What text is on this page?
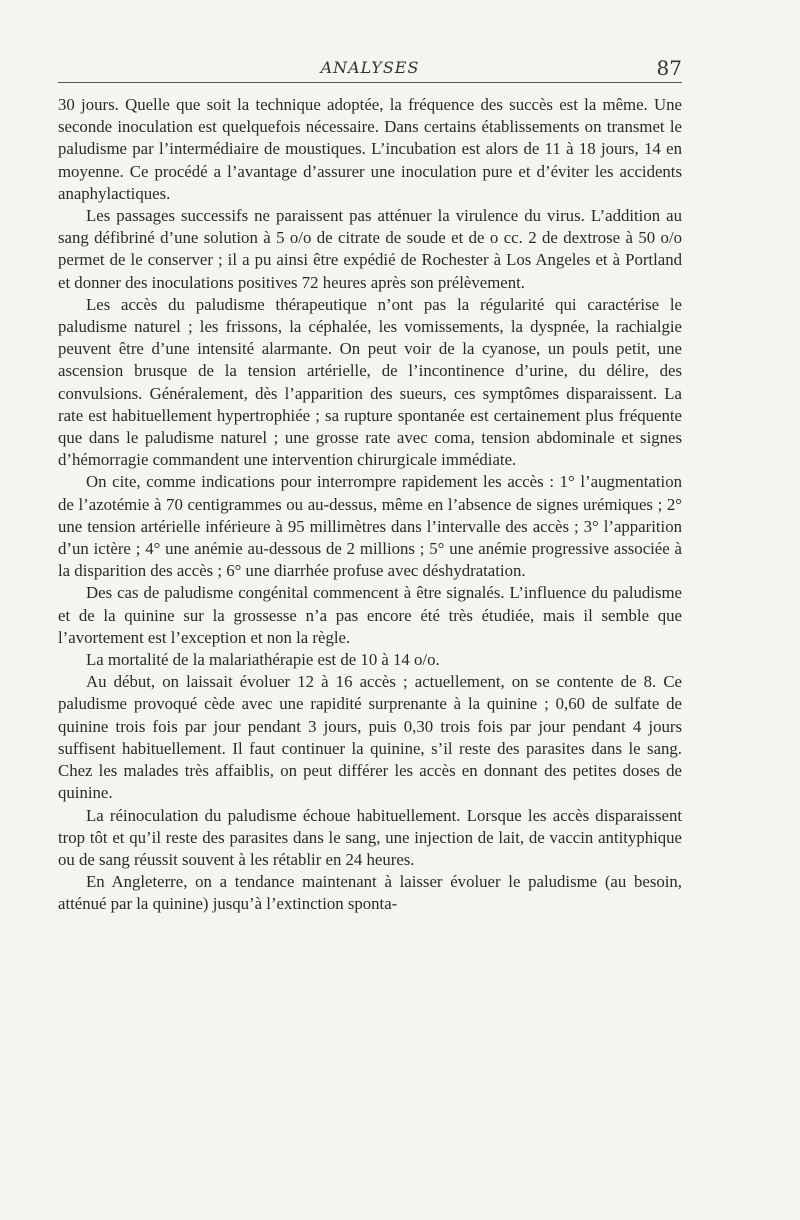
ANALYSES	87

30 jours. Quelle que soit la technique adoptée, la fréquence des succès est la même. Une seconde inoculation est quelquefois nécessaire. Dans certains établissements on transmet le paludisme par l’intermédiaire de moustiques. L’incubation est alors de 11 à 18 jours, 14 en moyenne. Ce procédé a l’avantage d’assurer une inoculation pure et d’éviter les accidents anaphylactiques.

Les passages successifs ne paraissent pas atténuer la virulence du virus. L’addition au sang défibriné d’une solution à 5 o/o de citrate de soude et de o cc. 2 de dextrose à 50 o/o permet de le conserver ; il a pu ainsi être expédié de Rochester à Los Angeles et à Portland et donner des inoculations positives 72 heures après son prélèvement.

Les accès du paludisme thérapeutique n’ont pas la régularité qui caractérise le paludisme naturel ; les frissons, la céphalée, les vomissements, la dyspnée, la rachialgie peuvent être d’une intensité alarmante. On peut voir de la cyanose, un pouls petit, une ascension brusque de la tension artérielle, de l’incontinence d’urine, du délire, des convulsions. Généralement, dès l’apparition des sueurs, ces symptômes disparaissent. La rate est habituellement hypertrophiée ; sa rupture spontanée est certainement plus fréquente que dans le paludisme naturel ; une grosse rate avec coma, tension abdominale et signes d’hémorragie commandent une intervention chirurgicale immédiate.

On cite, comme indications pour interrompre rapidement les accès : 1° l’augmentation de l’azotémie à 70 centigrammes ou au-dessus, même en l’absence de signes urémiques ; 2° une tension artérielle inférieure à 95 millimètres dans l’intervalle des accès ; 3° l’apparition d’un ictère ; 4° une anémie au-dessous de 2 millions ; 5° une anémie progressive associée à la disparition des accès ; 6° une diarrhée profuse avec déshydratation.

Des cas de paludisme congénital commencent à être signalés. L’influence du paludisme et de la quinine sur la grossesse n’a pas encore été très étudiée, mais il semble que l’avortement est l’exception et non la règle.

La mortalité de la malariathérapie est de 10 à 14 o/o.

Au début, on laissait évoluer 12 à 16 accès ; actuellement, on se contente de 8. Ce paludisme provoqué cède avec une rapidité surprenante à la quinine ; 0,60 de sulfate de quinine trois fois par jour pendant 3 jours, puis 0,30 trois fois par jour pendant 4 jours suffisent habituellement. Il faut continuer la quinine, s’il reste des parasites dans le sang. Chez les malades très affaiblis, on peut différer les accès en donnant des petites doses de quinine.

La réinoculation du paludisme échoue habituellement. Lorsque les accès disparaissent trop tôt et qu’il reste des parasites dans le sang, une injection de lait, de vaccin antityphique ou de sang réussit souvent à les rétablir en 24 heures.

En Angleterre, on a tendance maintenant à laisser évoluer le paludisme (au besoin, atténué par la quinine) jusqu’à l’extinction sponta-
